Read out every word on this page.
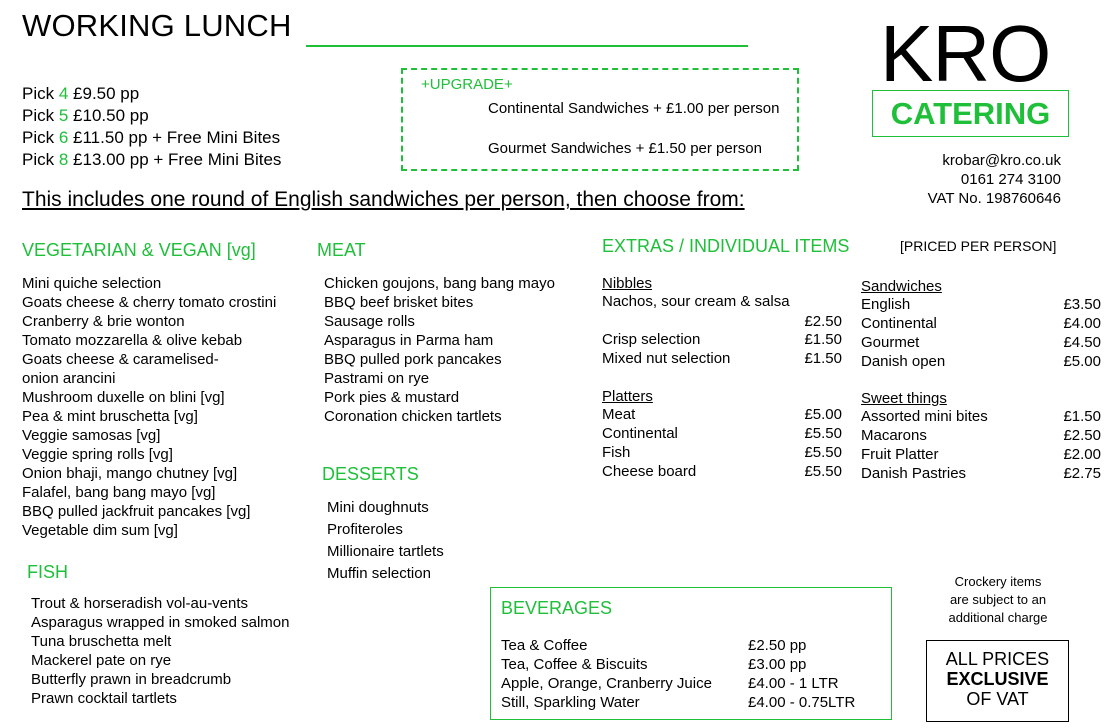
WORKING LUNCH
Pick 4 £9.50 pp
Pick 5 £10.50 pp
Pick 6 £11.50 pp + Free Mini Bites
Pick 8 £13.00 pp + Free Mini Bites
+UPGRADE+
Continental Sandwiches + £1.00 per person
Gourmet Sandwiches + £1.50 per person
KRO
CATERING
krobar@kro.co.uk
0161 274 3100
VAT No. 198760646
This includes one round of English sandwiches per person, then choose from:
VEGETARIAN & VEGAN [vg]
Mini quiche selection
Goats cheese & cherry tomato crostini
Cranberry & brie wonton
Tomato mozzarella & olive kebab
Goats cheese & caramelised-
onion arancini
Mushroom duxelle on blini [vg]
Pea & mint bruschetta [vg]
Veggie samosas [vg]
Veggie spring rolls [vg]
Onion bhaji, mango chutney [vg]
Falafel, bang bang mayo [vg]
BBQ pulled jackfruit pancakes [vg]
Vegetable dim sum [vg]
MEAT
Chicken goujons, bang bang mayo
BBQ beef brisket bites
Sausage rolls
Asparagus in Parma ham
BBQ pulled pork pancakes
Pastrami on rye
Pork pies & mustard
Coronation chicken tartlets
DESSERTS
Mini doughnuts
Profiteroles
Millionaire tartlets
Muffin selection
FISH
Trout & horseradish vol-au-vents
Asparagus wrapped in smoked salmon
Tuna bruschetta melt
Mackerel pate on rye
Butterfly prawn in breadcrumb
Prawn cocktail tartlets
EXTRAS / INDIVIDUAL ITEMS	[PRICED PER PERSON]
Nibbles
Nachos, sour cream & salsa
£2.50
Crisp selection	£1.50
Mixed nut selection	£1.50
Platters
Meat	£5.00
Continental	£5.50
Fish	£5.50
Cheese board	£5.50
Sandwiches
English	£3.50
Continental	£4.00
Gourmet	£4.50
Danish open	£5.00
Sweet things
Assorted mini bites	£1.50
Macarons	£2.50
Fruit Platter	£2.00
Danish Pastries	£2.75
BEVERAGES
Tea & Coffee	£2.50 pp
Tea, Coffee & Biscuits	£3.00 pp
Apple, Orange, Cranberry Juice £4.00 - 1 LTR
Still, Sparkling Water	£4.00 - 0.75LTR
Crockery items
are subject to an
additional charge
ALL PRICES
EXCLUSIVE
OF VAT
